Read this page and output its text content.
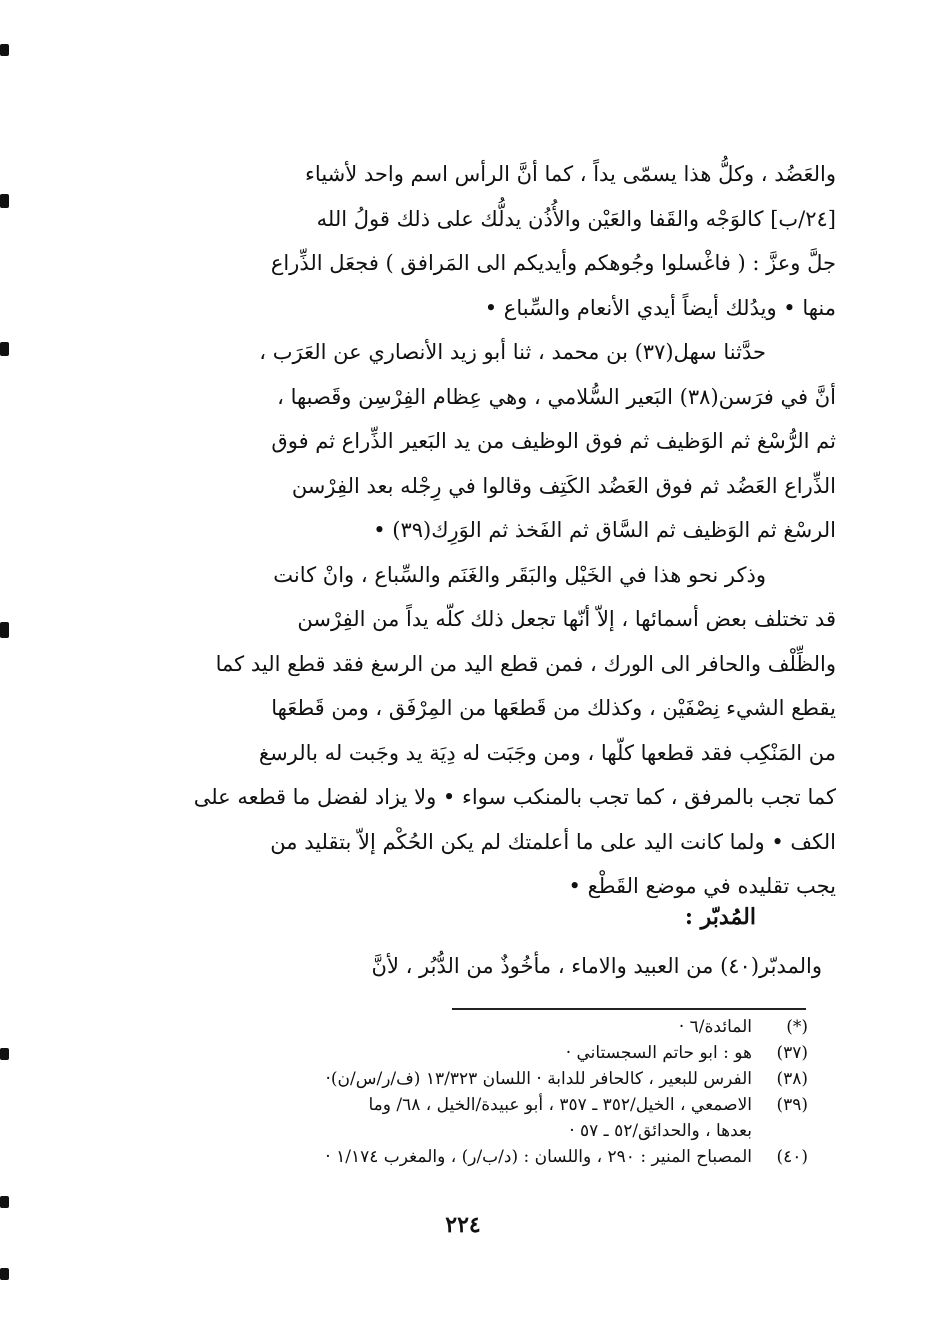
والعَضُد ، وكلُّ هذا يسمّى يداً ، كما أنَّ الرأس اسم واحد لأشياء
[٢٤/ب] كالوَجْه والقَفا والعَيْن والأُذُن يدلُّك على ذلك قولُ الله
جلَّ وعزَّ : ( فاغْسلوا وجُوهكم وأيديكم الى المَرافق ) فجعَل الذِّراع
منها • ويدُلك أيضاً أيدي الأنعام والسِّباع •
حدَّثنا سهل(٣٧) بن محمد ، ثنا أبو زيد الأنصاري عن العَرَب ،
أنَّ في فرَسن(٣٨) البَعير السُّلامي ، وهي عِظام الفِرْسِن وقَصبها ،
ثم الرُّسْغ ثم الوَظيف ثم فوق الوظيف من يد البَعير الذِّراع ثم فوق
الذِّراع العَضُد ثم فوق العَضُد الكَتِف وقالوا في رِجْله بعد الفِرْسن
الرسْغ ثم الوَظيف ثم السَّاق ثم الفَخذ ثم الوَرِك(٣٩) •
وذكر نحو هذا في الخَيْل والبَقَر والغَنَم والسِّباع ، وانْ كانت
قد تختلف بعض أسمائها ، إلاّ أنّها تجعل ذلك كلّه يداً من الفِرْسن
والظِّلْف والحافر الى الورك ، فمن قطع اليد من الرسغ فقد قطع اليد كما
يقطع الشيء نِصْفَيْن ، وكذلك من قَطعَها من المِرْفَق ، ومن قَطعَها
من المَنْكِب فقد قطعها كلّها ، ومن وجَبَت له دِيَة يد وجَبت له بالرسغ
كما تجب بالمرفق ، كما تجب بالمنكب سواء • ولا يزاد لفضل ما قطعه على
الكف • ولما كانت اليد على ما أعلمتك لم يكن الحُكْم إلاّ بتقليد من
يجب تقليده في موضع القَطْع •
المُدبّر :
والمدبّر(٤٠) من العبيد والاماء ، مأخُوذٌ من الدُّبُر ، لأنَّ
(*)
المائدة/٦ ·
(٣٧)
هو : ابو حاتم السجستاني ·
(٣٨)
الفرس للبعير ، كالحافر للدابة · اللسان ١٣/٣٢٣ (ف/ر/س/ن)·
(٣٩)
الاصمعي ، الخيل/٣٥٢ ـ ٣٥٧ ، أبو عبيدة/الخيل ، ٦٨/ وما
بعدها ، والحدائق/٥٢ ـ ٥٧ ·
(٤٠)
المصباح المنير : ٢٩٠ ، واللسان : (د/ب/ر) ، والمغرب ١/١٧٤ ·
٢٢٤
